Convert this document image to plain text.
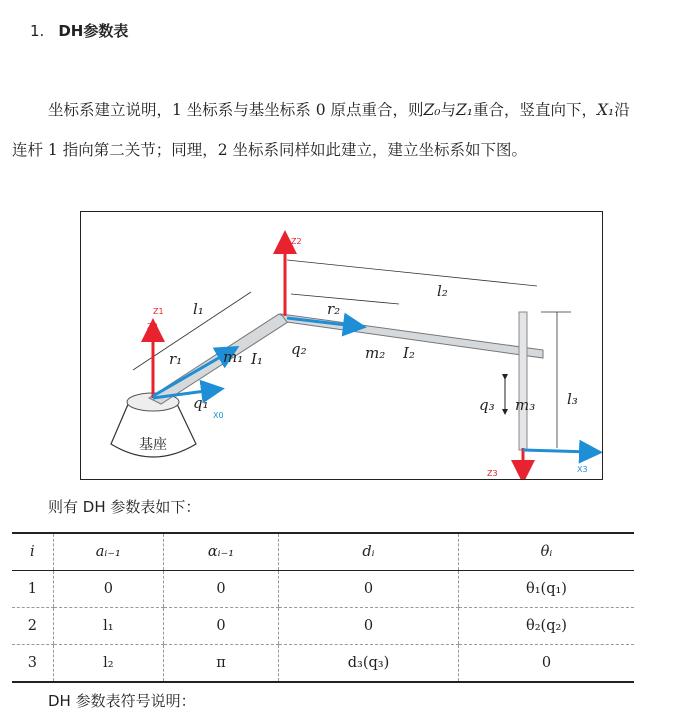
1. DH参数表
坐标系建立说明，1 坐标系与基坐标系 0 原点重合，则Z₀与Z₁重合，竖直向下，X₁沿连杆 1 指向第二关节；同理，2 坐标系同样如此建立，建立坐标系如下图。
基座
Z2
Z1
Z0
X0
Z3	X3
l₁
r₁	m₁ I₁
q₁
r₂
q₂	m₂ I₂
l₂
q₃ m₃ l₃
则有 DH 参数表如下：
i	aᵢ₋₁	αᵢ₋₁	dᵢ	θᵢ
1	0	0	0	θ₁(q₁)
2	l₁	0	0	θ₂(q₂)
3	l₂	π	d₃(q₃)	0
DH 参数表符号说明：
